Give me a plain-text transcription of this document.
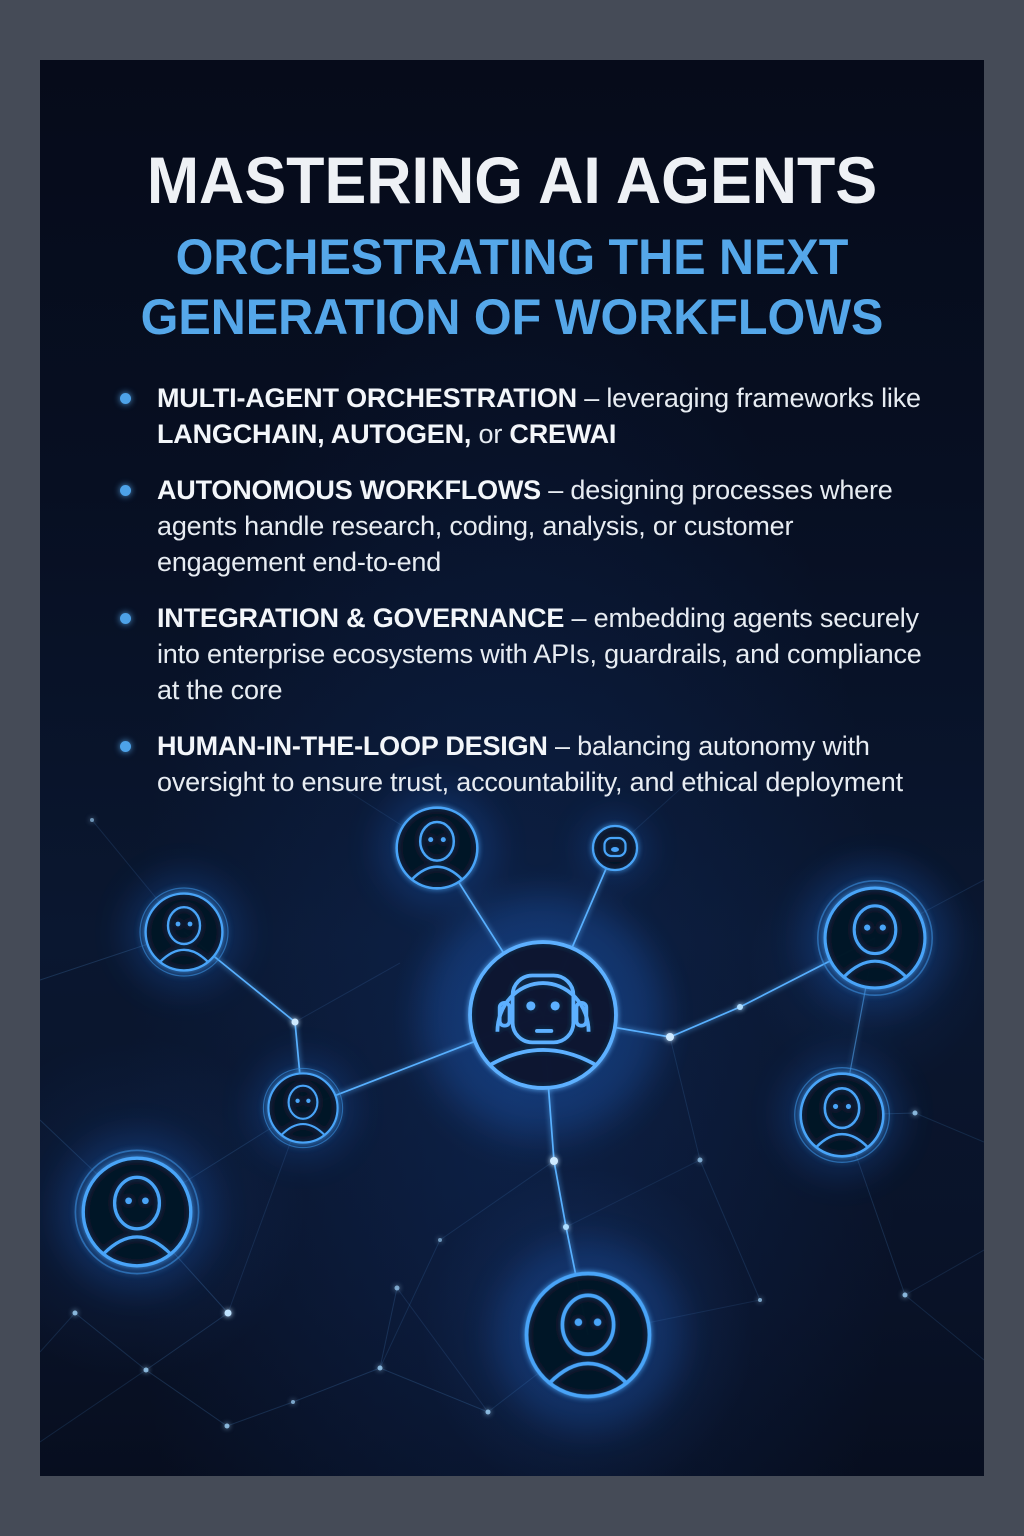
MASTERING AI AGENTS
ORCHESTRATING THE NEXT
GENERATION OF WORKFLOWS

MULTI-AGENT ORCHESTRATION – leveraging frameworks like LANGCHAIN, AUTOGEN, or CREWAI

AUTONOMOUS WORKFLOWS – designing processes where agents handle research, coding, analysis, or customer engagement end-to-end

INTEGRATION & GOVERNANCE – embedding agents securely into enterprise ecosystems with APIs, guardrails, and compliance at the core

HUMAN-IN-THE-LOOP DESIGN – balancing autonomy with oversight to ensure trust, accountability, and ethical deployment
